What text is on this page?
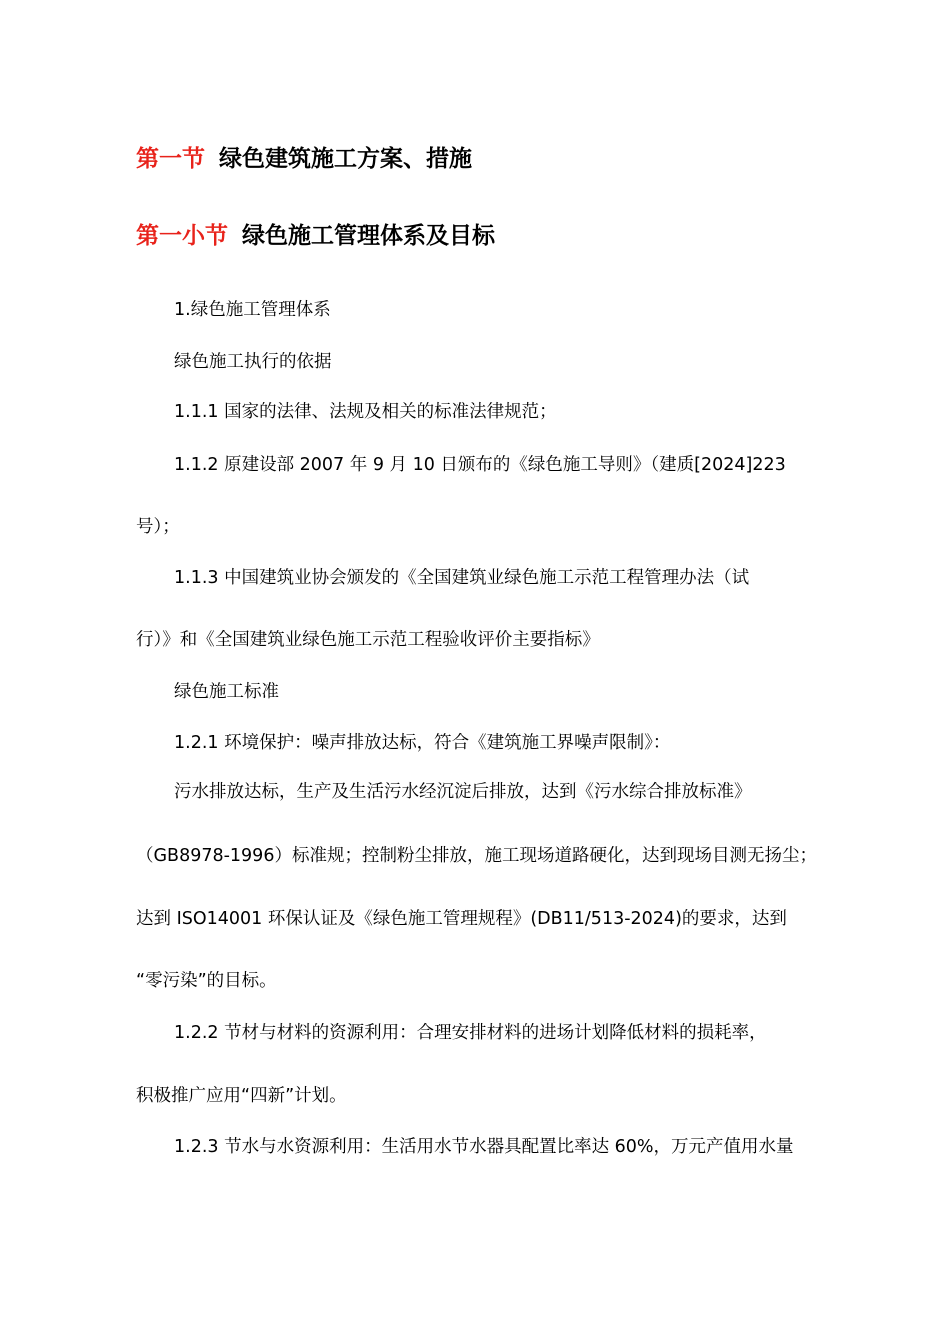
第一节 绿色建筑施工方案、措施
第一小节 绿色施工管理体系及目标

1.绿色施工管理体系

绿色施工执行的依据

1.1.1 国家的法律、法规及相关的标准法律规范；

1.1.2 原建设部 2007 年 9 月 10 日颁布的《绿色施工导则》（建质[2024]223

号）；

1.1.3 中国建筑业协会颁发的《全国建筑业绿色施工示范工程管理办法（试

行）》和《全国建筑业绿色施工示范工程验收评价主要指标》

绿色施工标准

1.2.1 环境保护：噪声排放达标，符合《建筑施工界噪声限制》：

污水排放达标，生产及生活污水经沉淀后排放，达到《污水综合排放标准》

（GB8978-1996）标准规；控制粉尘排放，施工现场道路硬化，达到现场目测无扬尘；

达到 ISO14001 环保认证及《绿色施工管理规程》(DB11/513-2024)的要求，达到

“零污染”的目标。

1.2.2 节材与材料的资源利用：合理安排材料的进场计划降低材料的损耗率，

积极推广应用“四新”计划。

1.2.3 节水与水资源利用：生活用水节水器具配置比率达 60%，万元产值用水量
